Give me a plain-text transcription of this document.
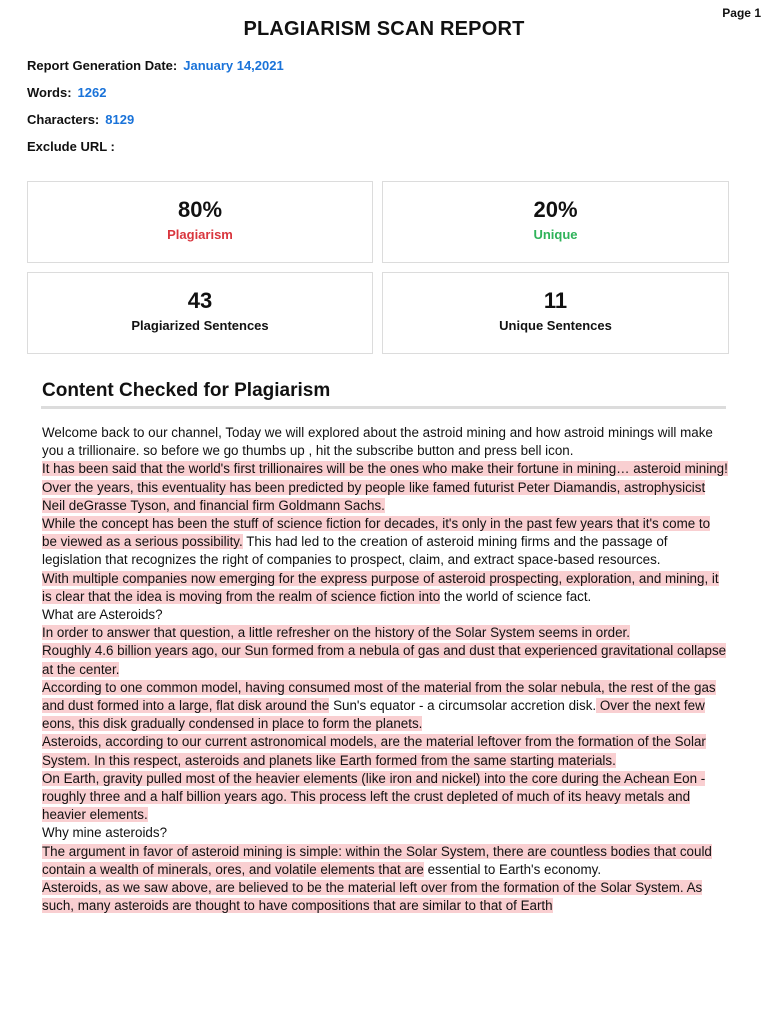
Page 1
PLAGIARISM SCAN REPORT
Report Generation Date: January 14,2021
Words: 1262
Characters: 8129
Exclude URL :
80%
Plagiarism
20%
Unique
43
Plagiarized Sentences
11
Unique Sentences
Content Checked for Plagiarism

Welcome back to our channel, Today we will explored about the astroid mining and how astroid minings will make you a trillionaire. so before we go thumbs up , hit the subscribe button and press bell icon.

It has been said that the world's first trillionaires will be the ones who make their fortune in mining… asteroid mining! Over the years, this eventuality has been predicted by people like famed futurist Peter Diamandis, astrophysicist Neil deGrasse Tyson, and financial firm Goldmann Sachs.

While the concept has been the stuff of science fiction for decades, it's only in the past few years that it's come to be viewed as a serious possibility. This had led to the creation of asteroid mining firms and the passage of legislation that recognizes the right of companies to prospect, claim, and extract space-based resources.

With multiple companies now emerging for the express purpose of asteroid prospecting, exploration, and mining, it is clear that the idea is moving from the realm of science fiction into the world of science fact.

What are Asteroids?

In order to answer that question, a little refresher on the history of the Solar System seems in order.

Roughly 4.6 billion years ago, our Sun formed from a nebula of gas and dust that experienced gravitational collapse at the center.

According to one common model, having consumed most of the material from the solar nebula, the rest of the gas and dust formed into a large, flat disk around the Sun's equator - a circumsolar accretion disk. Over the next few eons, this disk gradually condensed in place to form the planets.

Asteroids, according to our current astronomical models, are the material leftover from the formation of the Solar System. In this respect, asteroids and planets like Earth formed from the same starting materials.

On Earth, gravity pulled most of the heavier elements (like iron and nickel) into the core during the Achean Eon - roughly three and a half billion years ago. This process left the crust depleted of much of its heavy metals and heavier elements.

Why mine asteroids?

The argument in favor of asteroid mining is simple: within the Solar System, there are countless bodies that could contain a wealth of minerals, ores, and volatile elements that are essential to Earth's economy.

Asteroids, as we saw above, are believed to be the material left over from the formation of the Solar System. As such, many asteroids are thought to have compositions that are similar to that of Earth
